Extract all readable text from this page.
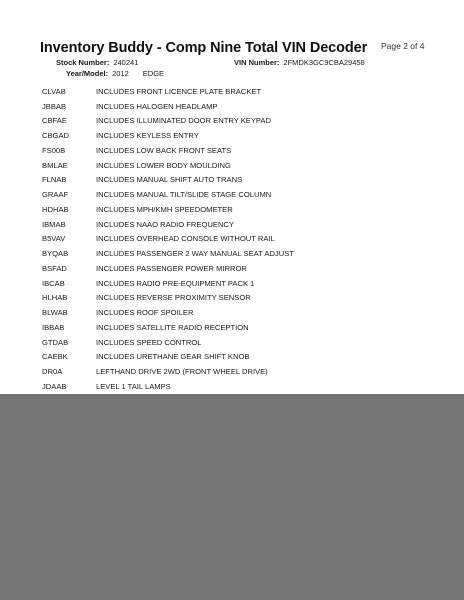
Page 2 of 4
Inventory Buddy - Comp Nine Total VIN Decoder
Stock Number: 240241	VIN Number: 2FMDK3GC9CBA29458
Year/Model: 2012 EDGE
CLVAB	INCLUDES FRONT LICENCE PLATE BRACKET
JBBAB	INCLUDES HALOGEN HEADLAMP
CBFAE	INCLUDES ILLUMINATED DOOR ENTRY KEYPAD
CBGAD	INCLUDES KEYLESS ENTRY
FS00B	INCLUDES LOW BACK FRONT SEATS
BMLAE	INCLUDES LOWER BODY MOULDING
FLNAB	INCLUDES MANUAL SHIFT AUTO TRANS
GRAAF	INCLUDES MANUAL TILT/SLIDE STAGE COLUMN
HDHAB	INCLUDES MPH/KMH SPEEDOMETER
IBMAB	INCLUDES NAAO RADIO FREQUENCY
B5VAV	INCLUDES OVERHEAD CONSOLE WITHOUT RAIL
BYQAB	INCLUDES PASSENGER 2 WAY MANUAL SEAT ADJUST
BSFAD	INCLUDES PASSENGER POWER MIRROR
IBCAB	INCLUDES RADIO PRE-EQUIPMENT PACK 1
HLHAB	INCLUDES REVERSE PROXIMITY SENSOR
BLWAB	INCLUDES ROOF SPOILER
IBBAB	INCLUDES SATELLITE RADIO RECEPTION
GTDAB	INCLUDES SPEED CONTROL
CAEBK	INCLUDES URETHANE GEAR SHIFT KNOB
DR0A	LEFTHAND DRIVE 2WD (FRONT WHEEL DRIVE)
JDAAB	LEVEL 1 TAIL LAMPS
